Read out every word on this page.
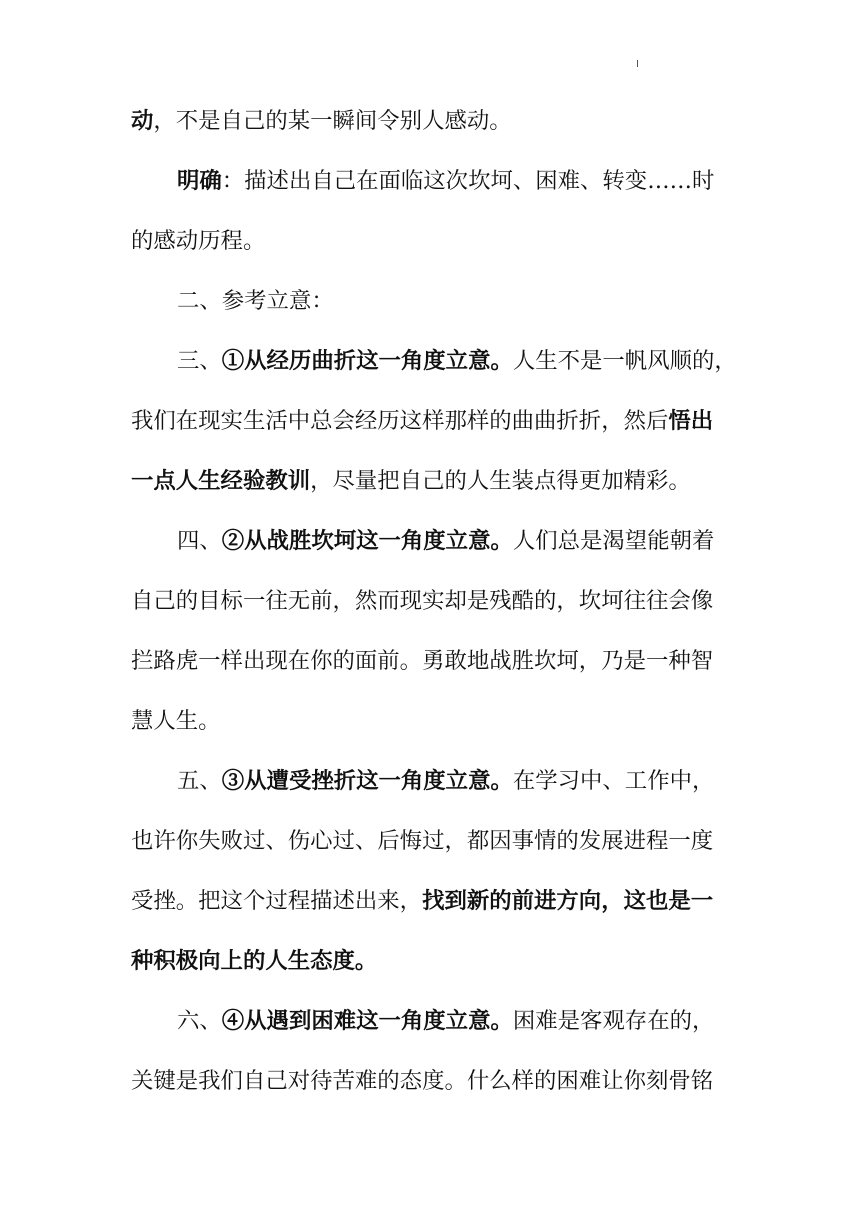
动，不是自己的某一瞬间令别人感动。
明确：描述出自己在面临这次坎坷、困难、转变……时
的感动历程。
二、参考立意：
三、①从经历曲折这一角度立意。人生不是一帆风顺的，
我们在现实生活中总会经历这样那样的曲曲折折，然后悟出
一点人生经验教训，尽量把自己的人生装点得更加精彩。
四、②从战胜坎坷这一角度立意。人们总是渴望能朝着
自己的目标一往无前，然而现实却是残酷的，坎坷往往会像
拦路虎一样出现在你的面前。勇敢地战胜坎坷，乃是一种智
慧人生。
五、③从遭受挫折这一角度立意。在学习中、工作中，
也许你失败过、伤心过、后悔过，都因事情的发展进程一度
受挫。把这个过程描述出来，找到新的前进方向，这也是一
种积极向上的人生态度。
六、④从遇到困难这一角度立意。困难是客观存在的，
关键是我们自己对待苦难的态度。什么样的困难让你刻骨铭
